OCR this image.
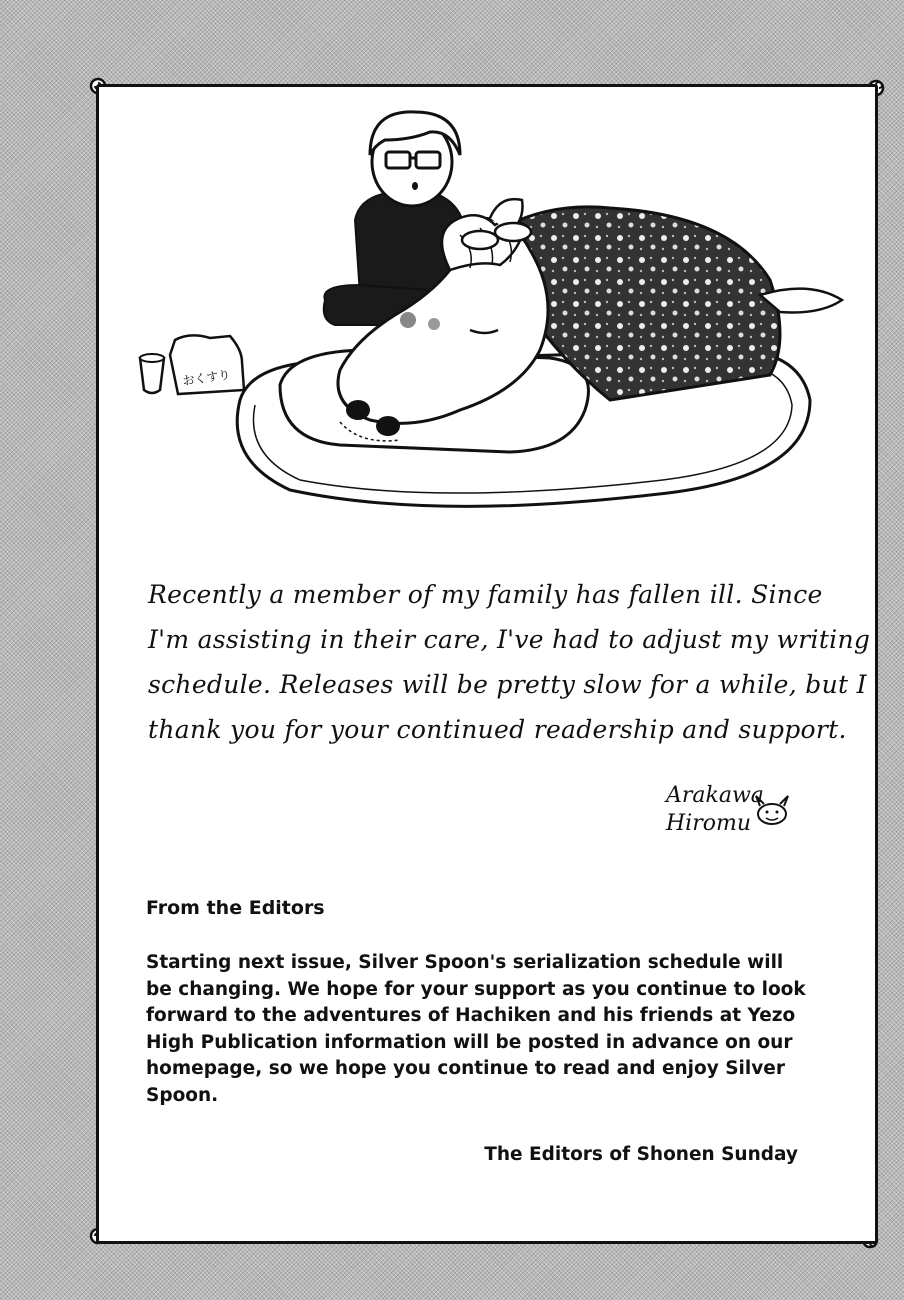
おくすり
Recently a member of my family has fallen ill. Since
I'm assisting in their care, I've had to adjust my writing
schedule. Releases will be pretty slow for a while, but I
thank you for your continued readership and support.
Arakawa
Hiromu
From the Editors
Starting next issue, Silver Spoon's serialization schedule will
be changing. We hope for your support as you continue to look
forward to the adventures of Hachiken and his friends at Yezo
High Publication information will be posted in advance on our
homepage, so we hope you continue to read and enjoy Silver
Spoon.
The Editors of Shonen Sunday
